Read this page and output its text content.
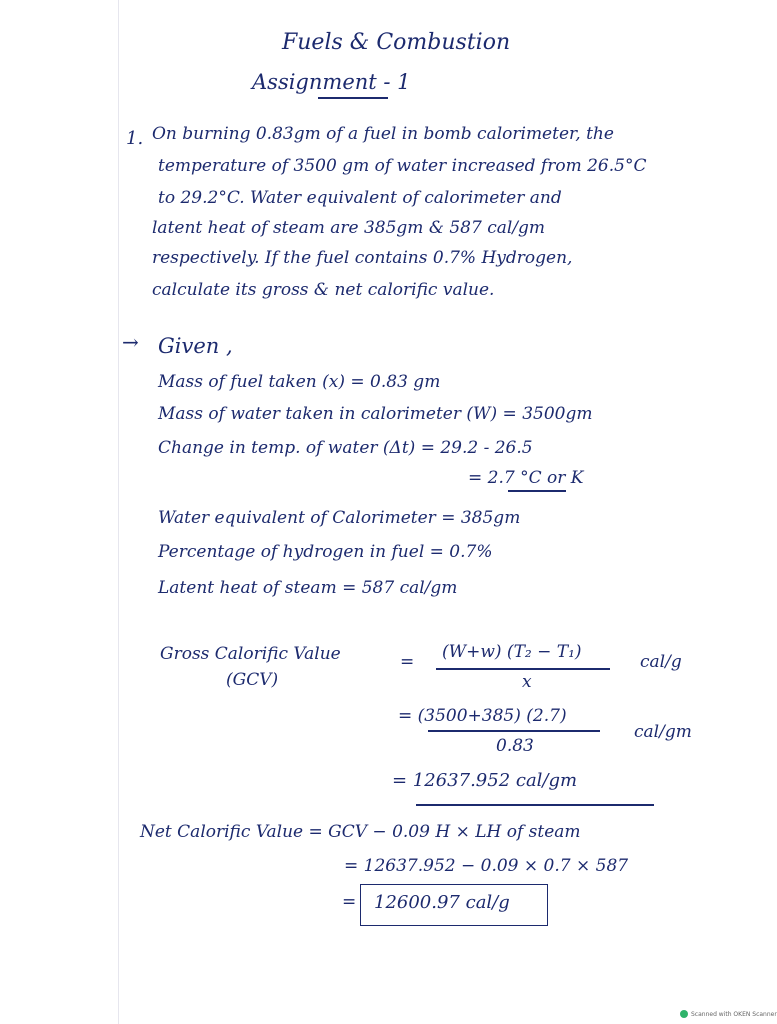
Fuels & Combustion
Assignment - 1
1. On burning 0.83gm of a fuel in bomb calorimeter, the
temperature of 3500 gm of water increased from 26.5°C
to 29.2°C. Water equivalent of calorimeter and
latent heat of steam are 385gm & 587 cal/gm
respectively. If the fuel contains 0.7% Hydrogen,
calculate its gross & net calorific value.
→ Given ,
Mass of fuel taken (x) = 0.83 gm
Mass of water taken in calorimeter (W) = 3500gm
Change in temp. of water (Δt) = 29.2 - 26.5
= 2.7 °C or K
Water equivalent of Calorimeter = 385gm
Percentage of hydrogen in fuel = 0.7%
Latent heat of steam = 587 cal/gm
Gross Calorific Value
(GCV)
= (W+w) (T₂ − T₁)
x
cal/g
= (3500+385) (2.7)
0.83
cal/gm
= 12637.952 cal/gm
Net Calorific Value = GCV − 0.09 H × LH of steam
= 12637.952 − 0.09 × 0.7 × 587
= 12600.97 cal/g
Scanned with OKEN Scanner
